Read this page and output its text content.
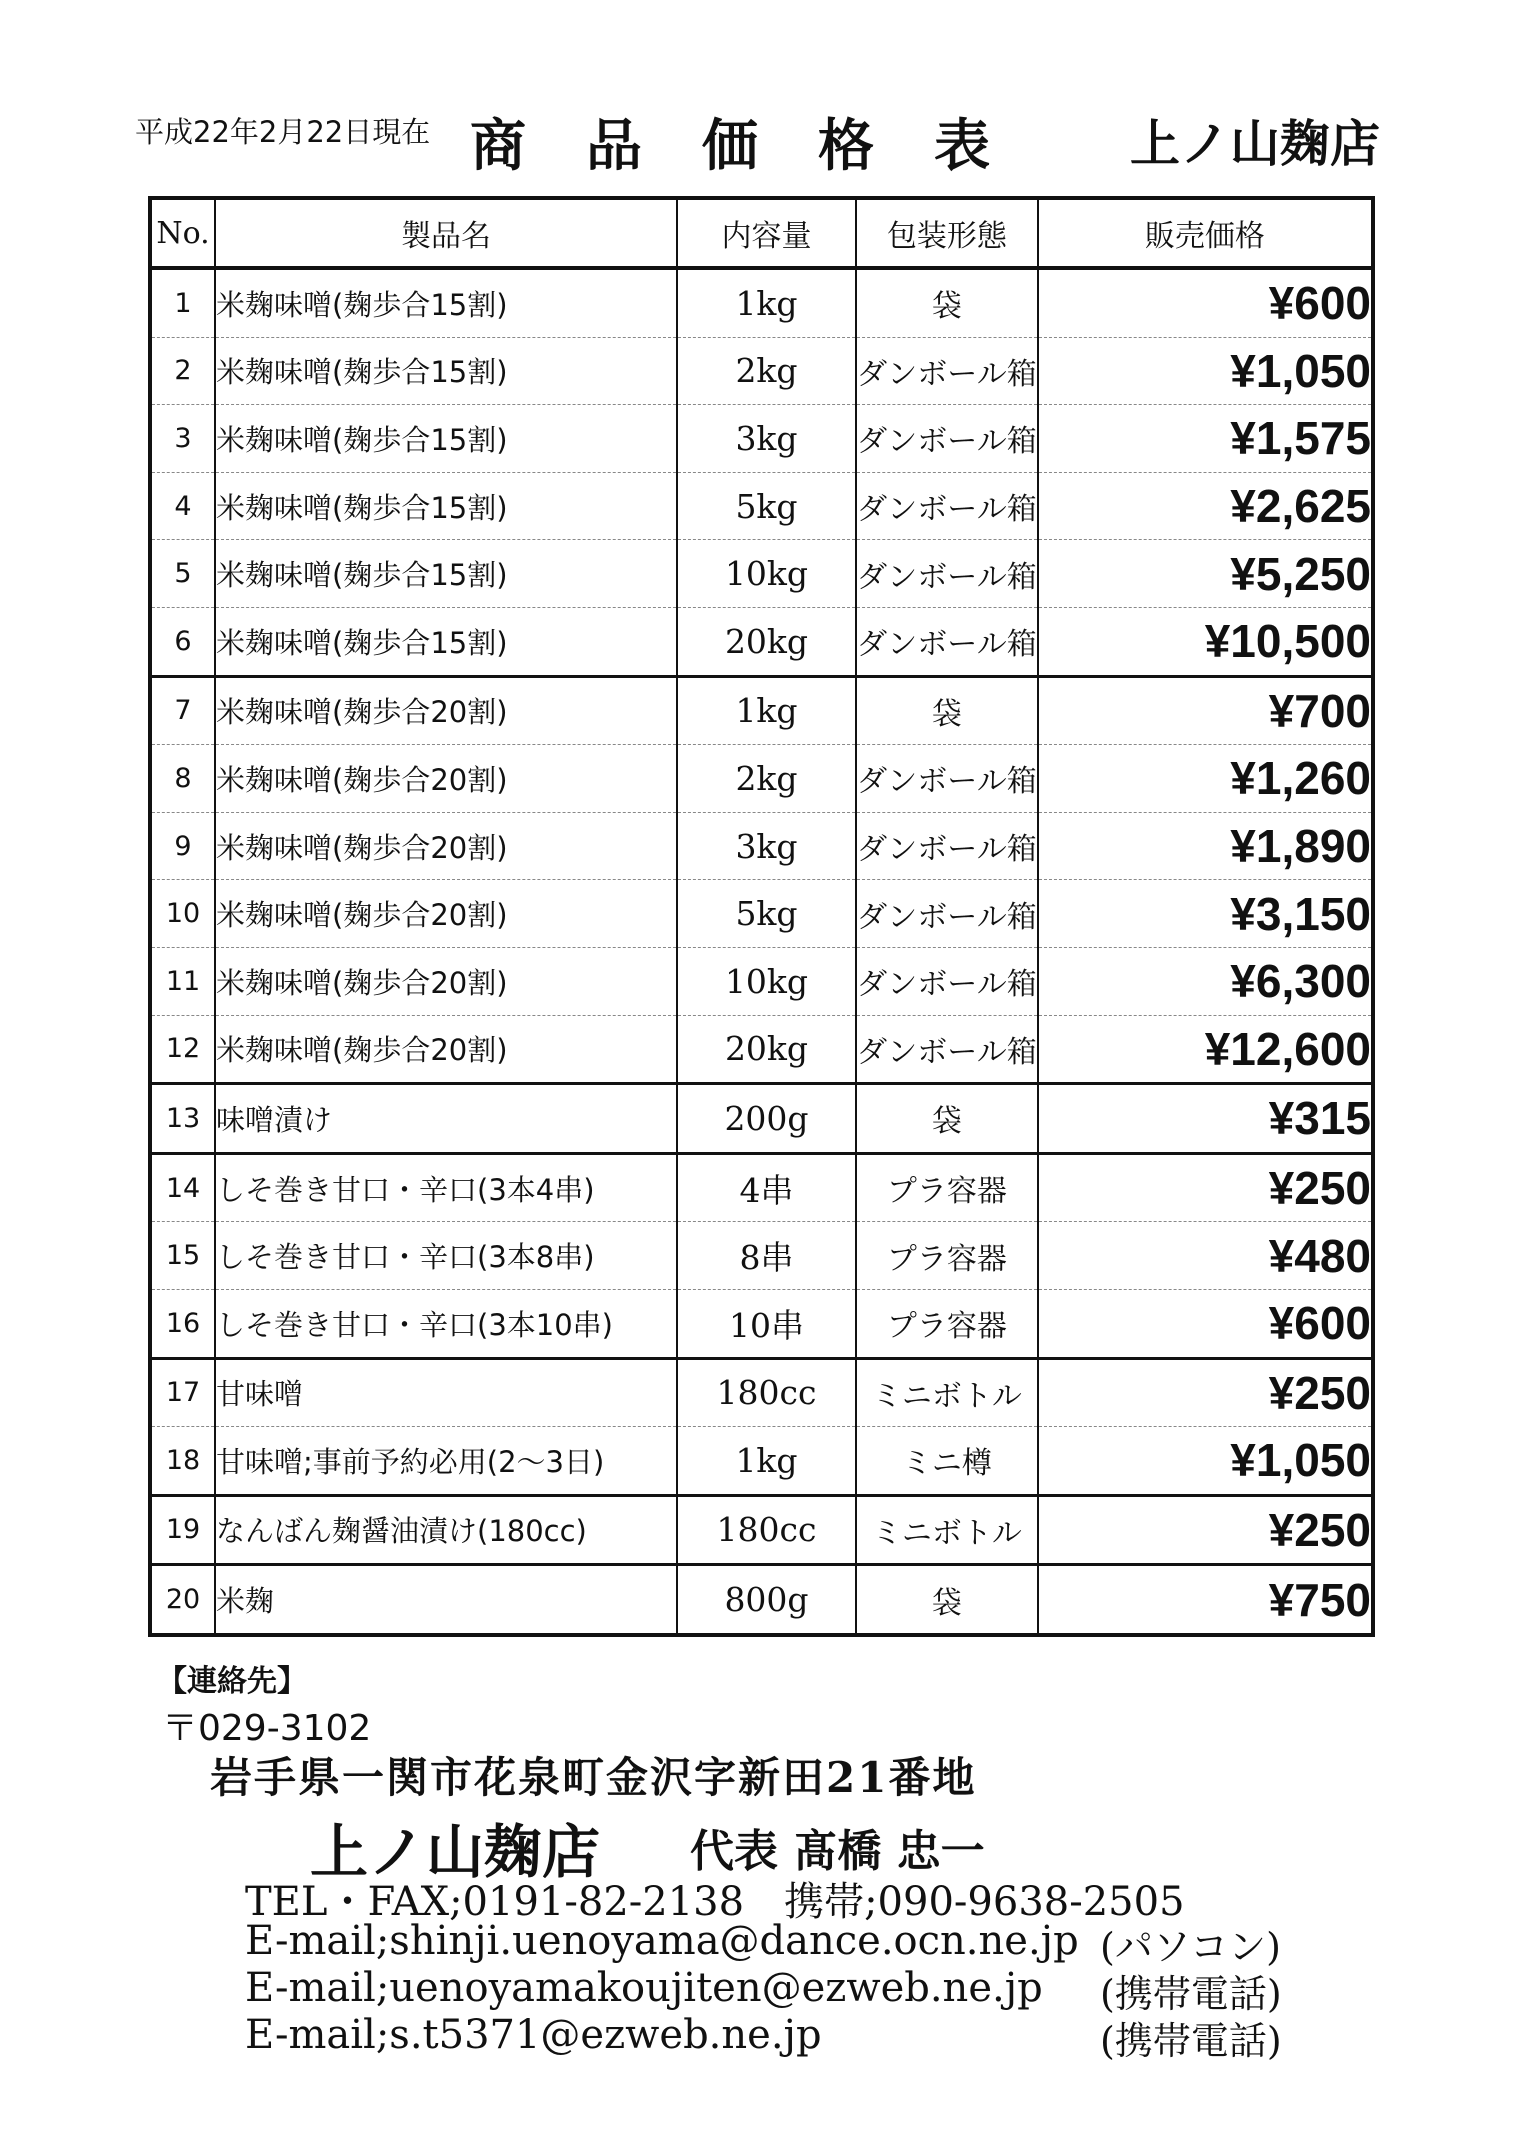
平成22年2月22日現在 商品価格表 上ノ山麹店
No.	製品名	内容量	包装形態	販売価格
1	米麹味噌(麹歩合15割)	1kg	袋	¥600
2	米麹味噌(麹歩合15割)	2kg	ダンボール箱	¥1,050
3	米麹味噌(麹歩合15割)	3kg	ダンボール箱	¥1,575
4	米麹味噌(麹歩合15割)	5kg	ダンボール箱	¥2,625
5	米麹味噌(麹歩合15割)	10kg	ダンボール箱	¥5,250
6	米麹味噌(麹歩合15割)	20kg	ダンボール箱	¥10,500
7	米麹味噌(麹歩合20割)	1kg	袋	¥700
8	米麹味噌(麹歩合20割)	2kg	ダンボール箱	¥1,260
9	米麹味噌(麹歩合20割)	3kg	ダンボール箱	¥1,890
10	米麹味噌(麹歩合20割)	5kg	ダンボール箱	¥3,150
11	米麹味噌(麹歩合20割)	10kg	ダンボール箱	¥6,300
12	米麹味噌(麹歩合20割)	20kg	ダンボール箱	¥12,600
13	味噌漬け	200g	袋	¥315
14	しそ巻き甘口・辛口(3本4串)	4串	プラ容器	¥250
15	しそ巻き甘口・辛口(3本8串)	8串	プラ容器	¥480
16	しそ巻き甘口・辛口(3本10串)	10串	プラ容器	¥600
17	甘味噌	180cc	ミニボトル	¥250
18	甘味噌;事前予約必用(2〜3日)	1kg	ミニ樽	¥1,050
19	なんばん麹醤油漬け(180cc)	180cc	ミニボトル	¥250
20	米麹	800g	袋	¥750
【連絡先】
〒029-3102
岩手県一関市花泉町金沢字新田21番地
上ノ山麹店 代表 髙橋 忠一
TEL・FAX;0191-82-2138　携帯;090-9638-2505
E-mail;shinji.uenoyama@dance.ocn.ne.jp (パソコン)
E-mail;uenoyamakoujiten@ezweb.ne.jp (携帯電話)
E-mail;s.t5371@ezweb.ne.jp	(携帯電話)
